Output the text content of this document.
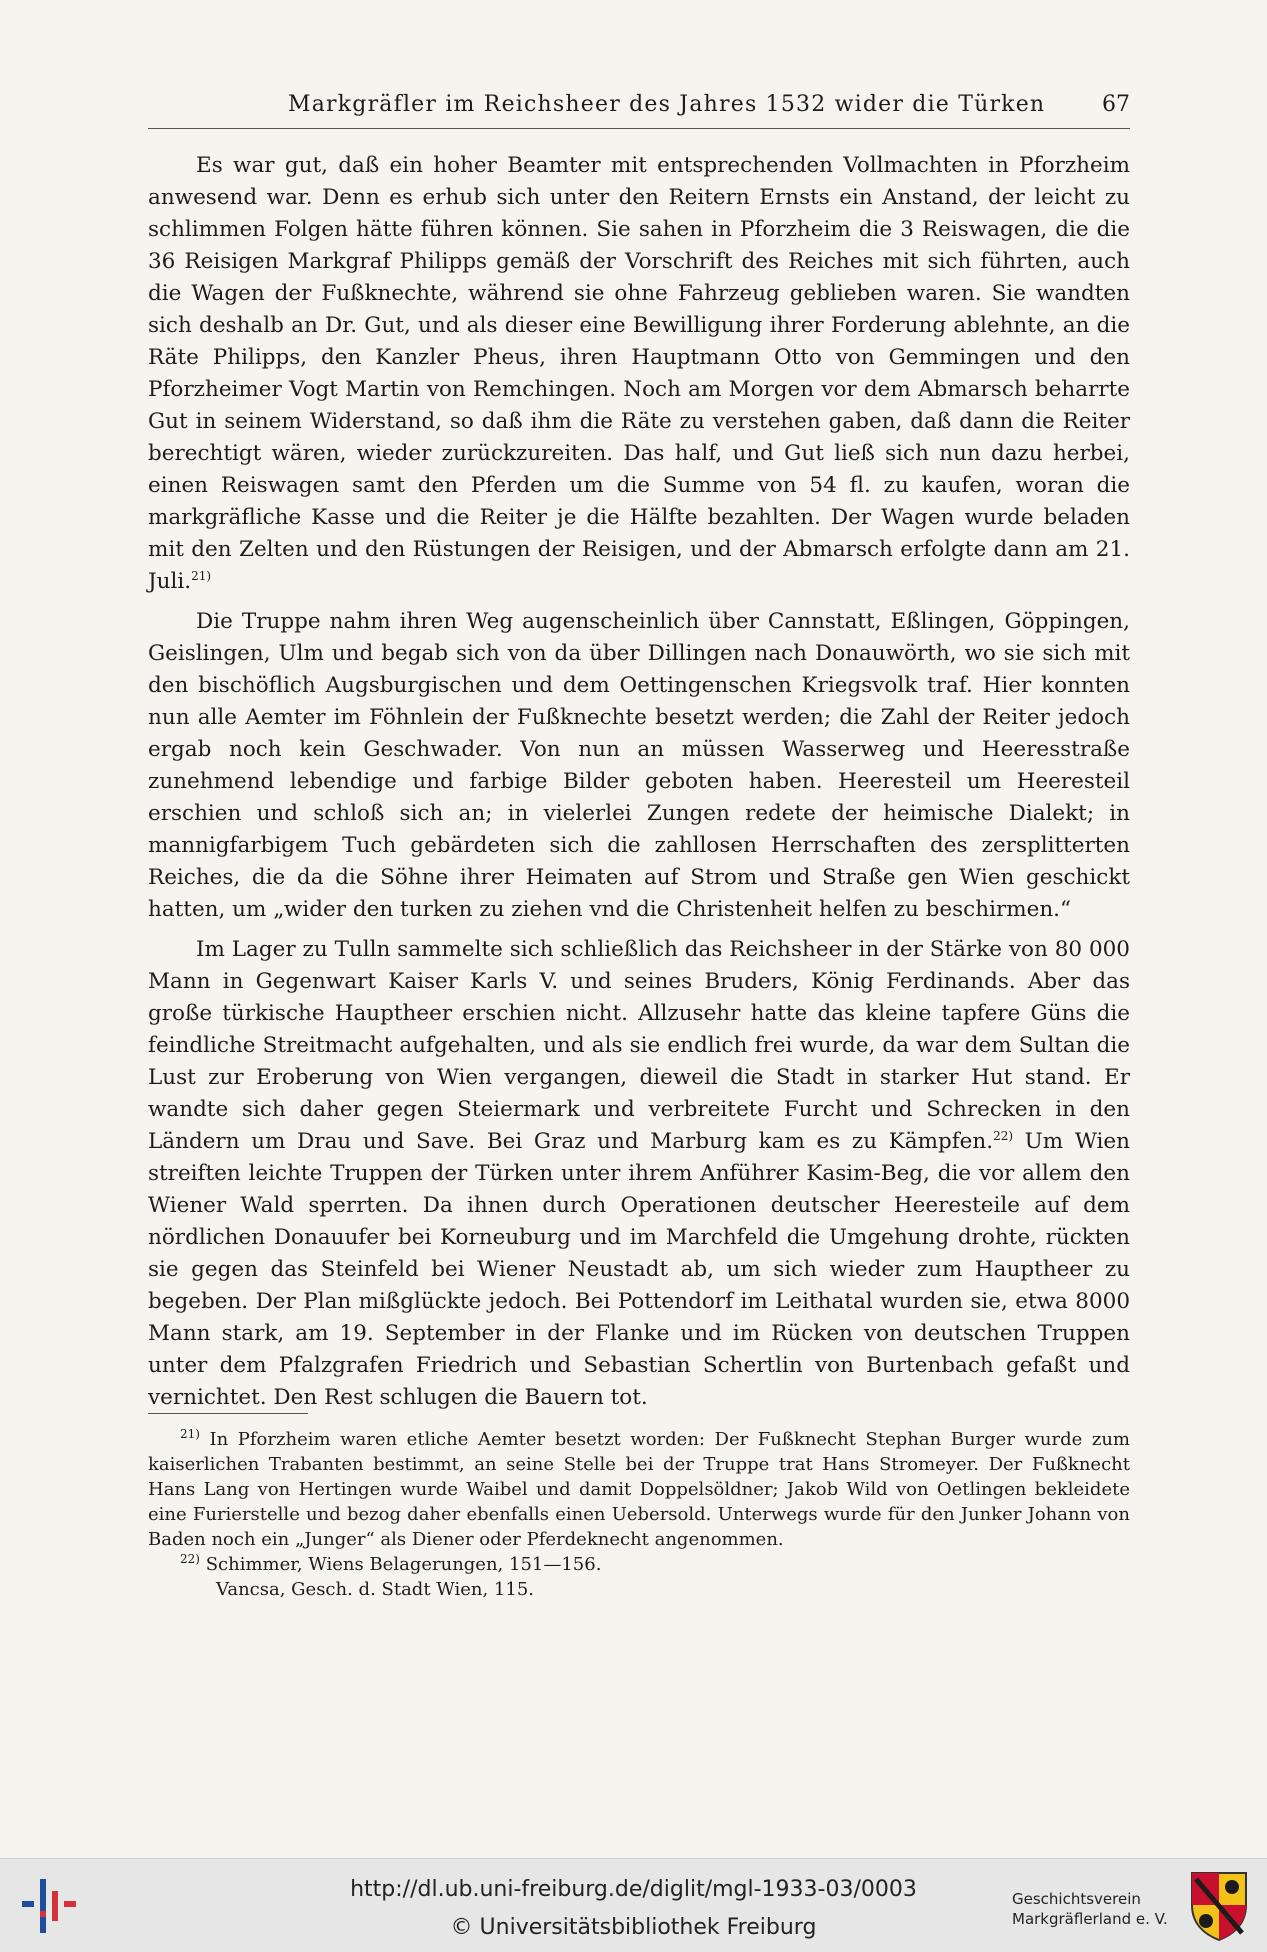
Markgräfler im Reichsheer des Jahres 1532 wider die Türken	67

Es war gut, daß ein hoher Beamter mit entsprechenden Vollmachten in Pforzheim anwesend war. Denn es erhub sich unter den Reitern Ernsts ein Anstand, der leicht zu schlimmen Folgen hätte führen können. Sie sahen in Pforzheim die 3 Reiswagen, die die 36 Reisigen Markgraf Philipps gemäß der Vorschrift des Reiches mit sich führten, auch die Wagen der Fußknechte, während sie ohne Fahrzeug geblieben waren. Sie wandten sich deshalb an Dr. Gut, und als dieser eine Bewilligung ihrer Forderung ablehnte, an die Räte Philipps, den Kanzler Pheus, ihren Hauptmann Otto von Gemmingen und den Pforzheimer Vogt Martin von Remchingen. Noch am Morgen vor dem Abmarsch beharrte Gut in seinem Widerstand, so daß ihm die Räte zu verstehen gaben, daß dann die Reiter berechtigt wären, wieder zurückzureiten. Das half, und Gut ließ sich nun dazu herbei, einen Reiswagen samt den Pferden um die Summe von 54 fl. zu kaufen, woran die markgräfliche Kasse und die Reiter je die Hälfte bezahlten. Der Wagen wurde beladen mit den Zelten und den Rüstungen der Reisigen, und der Abmarsch erfolgte dann am 21. Juli.$^{21)}$

Die Truppe nahm ihren Weg augenscheinlich über Cannstatt, Eßlingen, Göppingen, Geislingen, Ulm und begab sich von da über Dillingen nach Donauwörth, wo sie sich mit den bischöflich Augsburgischen und dem Oettingenschen Kriegsvolk traf. Hier konnten nun alle Aemter im Föhnlein der Fußknechte besetzt werden; die Zahl der Reiter jedoch ergab noch kein Geschwader. Von nun an müssen Wasserweg und Heeresstraße zunehmend lebendige und farbige Bilder geboten haben. Heeresteil um Heeresteil erschien und schloß sich an; in vielerlei Zungen redete der heimische Dialekt; in mannigfarbigem Tuch gebärdeten sich die zahllosen Herrschaften des zersplitterten Reiches, die da die Söhne ihrer Heimaten auf Strom und Straße gen Wien geschickt hatten, um „wider den turken zu ziehen vnd die Christenheit helfen zu beschirmen.“

Im Lager zu Tulln sammelte sich schließlich das Reichsheer in der Stärke von 80 000 Mann in Gegenwart Kaiser Karls V. und seines Bruders, König Ferdinands. Aber das große türkische Hauptheer erschien nicht. Allzusehr hatte das kleine tapfere Güns die feindliche Streitmacht aufgehalten, und als sie endlich frei wurde, da war dem Sultan die Lust zur Eroberung von Wien vergangen, dieweil die Stadt in starker Hut stand. Er wandte sich daher gegen Steiermark und verbreitete Furcht und Schrecken in den Ländern um Drau und Save. Bei Graz und Marburg kam es zu Kämpfen.$^{22)}$ Um Wien streiften leichte Truppen der Türken unter ihrem Anführer Kasim-Beg, die vor allem den Wiener Wald sperrten. Da ihnen durch Operationen deutscher Heeresteile auf dem nördlichen Donauufer bei Korneuburg und im Marchfeld die Umgehung drohte, rückten sie gegen das Steinfeld bei Wiener Neustadt ab, um sich wieder zum Hauptheer zu begeben. Der Plan mißglückte jedoch. Bei Pottendorf im Leithatal wurden sie, etwa 8000 Mann stark, am 19. September in der Flanke und im Rücken von deutschen Truppen unter dem Pfalzgrafen Friedrich und Sebastian Schertlin von Burtenbach gefaßt und vernichtet. Den Rest schlugen die Bauern tot.

$^{21)}$ In Pforzheim waren etliche Aemter besetzt worden: Der Fußknecht Stephan Burger wurde zum kaiserlichen Trabanten bestimmt, an seine Stelle bei der Truppe trat Hans Stromeyer. Der Fußknecht Hans Lang von Hertingen wurde Waibel und damit Doppelsöldner; Jakob Wild von Oetlingen bekleidete eine Furierstelle und bezog daher ebenfalls einen Uebersold. Unterwegs wurde für den Junker Johann von Baden noch ein „Junger“ als Diener oder Pferdeknecht angenommen.

$^{22)}$ Schimmer, Wiens Belagerungen, 151—156.

Vancsa, Gesch. d. Stadt Wien, 115.

http://dl.ub.uni-freiburg.de/diglit/mgl-1933-03/0003
© Universitätsbibliothek Freiburg
Geschichtsverein
Markgräflerland e. V.
